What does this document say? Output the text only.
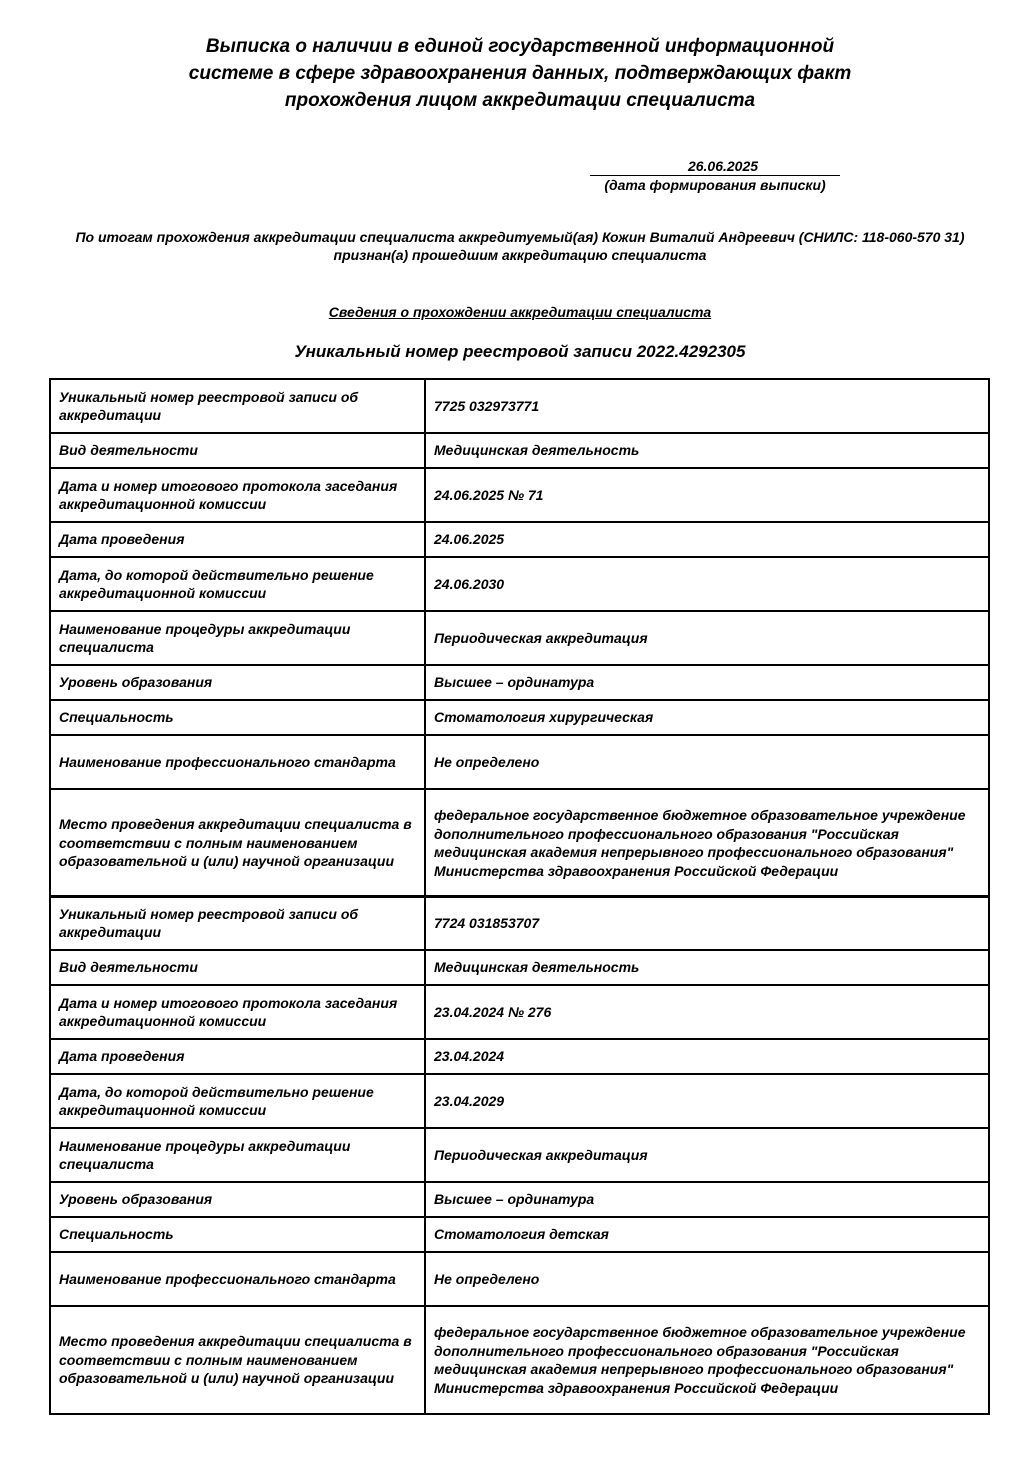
Выписка о наличии в единой государственной информационной
системе в сфере здравоохранения данных, подтверждающих факт
прохождения лицом аккредитации специалиста
26.06.2025
(дата формирования выписки)
По итогам прохождения аккредитации специалиста аккредитуемый(ая) Кожин Виталий Андреевич (СНИЛС: 118-060-570 31) признан(а) прошедшим аккредитацию специалиста
Сведения о прохождении аккредитации специалиста
Уникальный номер реестровой записи 2022.4292305
Уникальный номер реестровой записи об аккредитации	7725 032973771
Вид деятельности	Медицинская деятельность
Дата и номер итогового протокола заседания аккредитационной комиссии	24.06.2025 № 71
Дата проведения	24.06.2025
Дата, до которой действительно решение аккредитационной комиссии	24.06.2030
Наименование процедуры аккредитации специалиста	Периодическая аккредитация
Уровень образования	Высшее – ординатура
Специальность	Стоматология хирургическая
Наименование профессионального стандарта	Не определено
Место проведения аккредитации специалиста в соответствии с полным наименованием образовательной и (или) научной организации	федеральное государственное бюджетное образовательное учреждение дополнительного профессионального образования "Российская медицинская академия непрерывного профессионального образования" Министерства здравоохранения Российской Федерации
Уникальный номер реестровой записи об аккредитации	7724 031853707
Вид деятельности	Медицинская деятельность
Дата и номер итогового протокола заседания аккредитационной комиссии	23.04.2024 № 276
Дата проведения	23.04.2024
Дата, до которой действительно решение аккредитационной комиссии	23.04.2029
Наименование процедуры аккредитации специалиста	Периодическая аккредитация
Уровень образования	Высшее – ординатура
Специальность	Стоматология детская
Наименование профессионального стандарта	Не определено
Место проведения аккредитации специалиста в соответствии с полным наименованием образовательной и (или) научной организации	федеральное государственное бюджетное образовательное учреждение дополнительного профессионального образования "Российская медицинская академия непрерывного профессионального образования" Министерства здравоохранения Российской Федерации
